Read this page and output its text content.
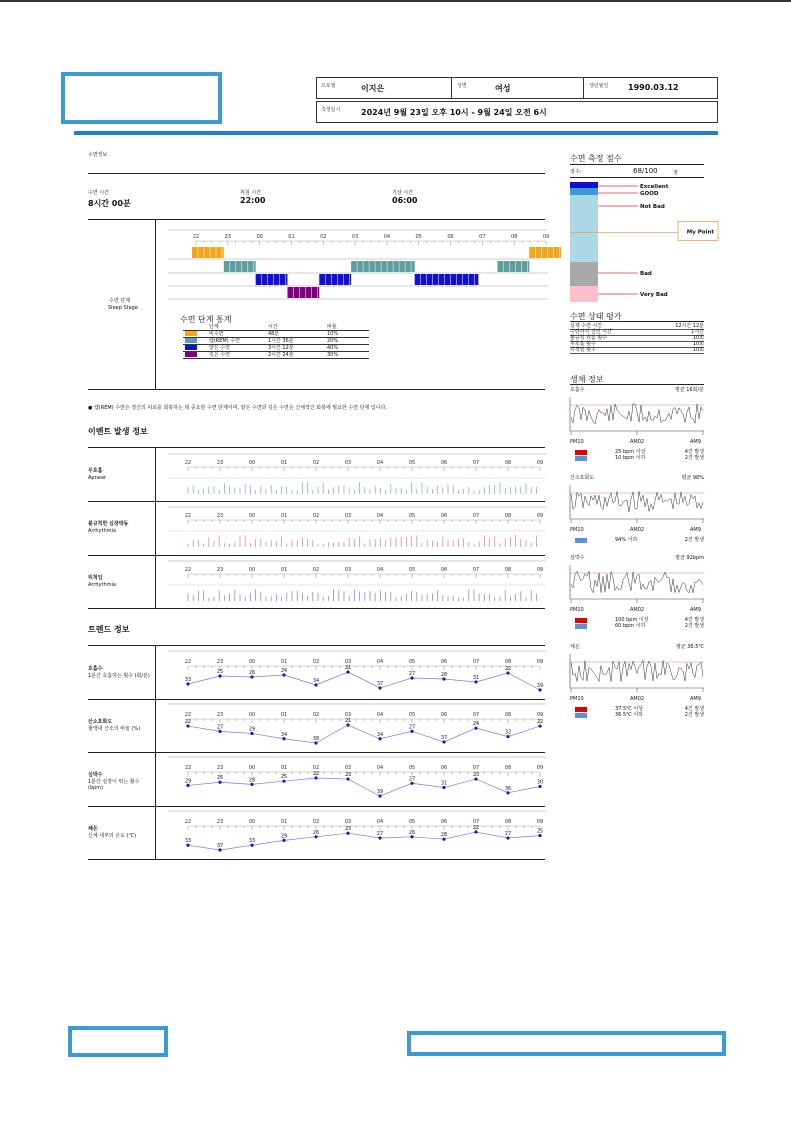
프로필	이지은	성별	여성	생년월일 1990.03.12
측정일시	2024년 9월 23일 오후 10시 - 9월 24일 오전 6시
수면정보
수면 시간
8시간 00분
취침 시간
22:00
기상 시간
06:00
수면 단계
Sleep Stage
22	23	00	01	02	03	04	05	06	07	08	09
수면 단계 통계
	단계	시간	비율
	비수면	48분	10%
	렘(REM) 수면	1시간 36분	20%
	얕은 수면	3시간 12분	40%
	깊은 수면	2시간 24분	30%
● 렘(REM) 수면은 정신의 피로를 회복하는 데 중요한 수면 단계이며, 얕은 수면과 깊은 수면은 신체적인 회복에 필요한 수면 단계 입니다.
이벤트 발생 정보
무호흡
Apnear
22	23	00	01	02	03	04	05	06	07	08	09
불규칙한 심장박동
Arrhythmia
22	23	00	01	02	03	04	05	06	07	08	09
뒤척임
Arrhythmia
22	23	00	01	02	03	04	05	06	07	08	09
트렌드 정보
호흡수
1분간 호흡하는 횟수 (회/분)
22	23	00	01	02	03	04	05	06	07	08	09
33
25	26	24
34
21
37
27	28	31
22
39
산소포화도
혈액내 산소의 비율 (%)
22	23	00	01	02	03	04	05	06	07	08	09
22
27	29
34
38
21
34
27
37
24
32
22
심박수
1분간 심장이 뛰는 횟수 (bpm)
22	23	00	01	02	03	04	05	06	07	08	09
29
26	28
25
22	23
39
27
31
23
36
30
체온
신체 내부의 온도 (℃)
22	23	00	01	02	03	04	05	06	07	08	09
33
37
33
29
26
23
27	26	28
22
27	25
수면 측정 점수
점수:	68/100	점
Excellent
GOOD
Not Bad
Bad
Very Bad
My Point
수면 상태 평가
실제 수면 시간	12시간 12분
수면까지 걸린 시간	1시간
불규칙 리듬 횟수	10회
무호흡 횟수	10회
뒤척임 횟수	10회
생체 정보
호흡수	평균 16회/분
PM10	AM02	AM9
25 bpm 이상	4건 발생
10 bpm 이하	2건 발생
산소포화도	평균 98%
PM10	AM02	AM9
94% 이하	2건 발생
심박수	평균 92bpm
PM10	AM02	AM9
100 bpm 이상	4건 발생
60 bpm 이하	2건 발생
체온	평균 36.5℃
PM10	AM02	AM9
37.5℃ 이상	4건 발생
36.5℃ 이하	2건 발생
